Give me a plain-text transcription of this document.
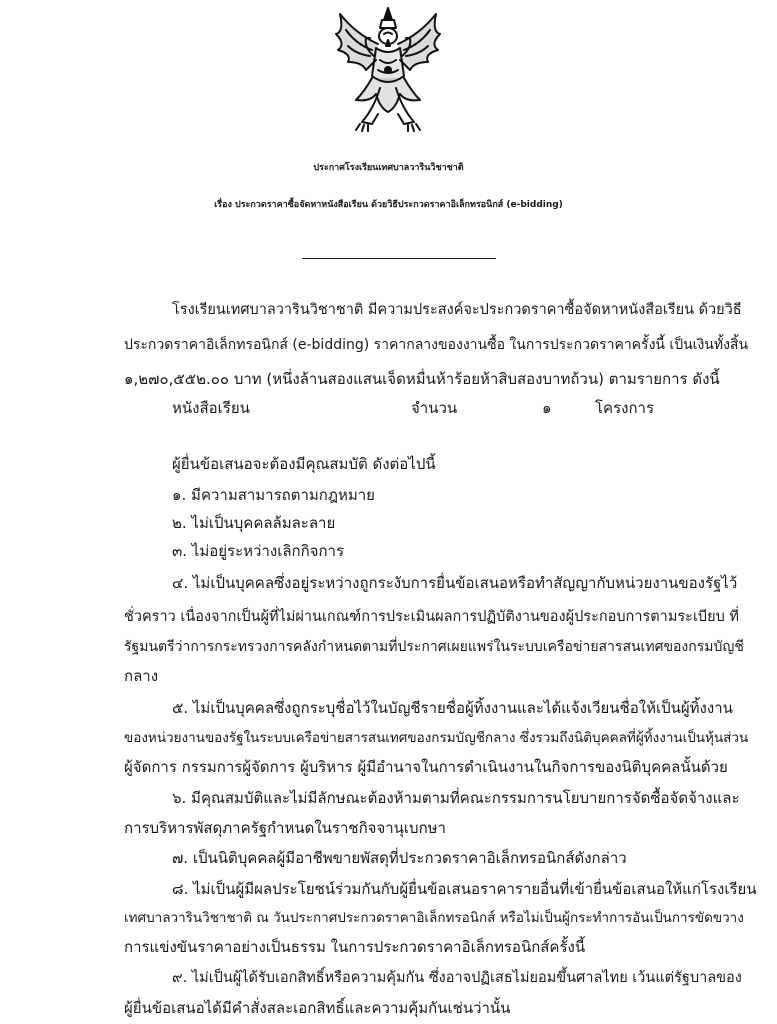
ประกาศโรงเรียนเทศบาลวารินวิชาชาติ
เรื่อง ประกวดราคาซื้อจัดหาหนังสือเรียน ด้วยวิธีประกวดราคาอิเล็กทรอนิกส์ (e-bidding)
โรงเรียนเทศบาลวารินวิชาชาติ มีความประสงค์จะประกวดราคาซื้อจัดหาหนังสือเรียน ด้วยวิธี
ประกวดราคาอิเล็กทรอนิกส์ (e-bidding) ราคากลางของงานซื้อ ในการประกวดราคาครั้งนี้ เป็นเงินทั้งสิ้น
๑,๒๗๐,๕๕๒.๐๐ บาท (หนึ่งล้านสองแสนเจ็ดหมื่นห้าร้อยห้าสิบสองบาทถ้วน) ตามรายการ ดังนี้
หนังสือเรียน	จำนวน	๑	โครงการ
ผู้ยื่นข้อเสนอจะต้องมีคุณสมบัติ ดังต่อไปนี้
๑. มีความสามารถตามกฎหมาย
๒. ไม่เป็นบุคคลล้มละลาย
๓. ไม่อยู่ระหว่างเลิกกิจการ
๔. ไม่เป็นบุคคลซึ่งอยู่ระหว่างถูกระงับการยื่นข้อเสนอหรือทำสัญญากับหน่วยงานของรัฐไว้
ชั่วคราว เนื่องจากเป็นผู้ที่ไม่ผ่านเกณฑ์การประเมินผลการปฏิบัติงานของผู้ประกอบการตามระเบียบ ที่
รัฐมนตรีว่าการกระทรวงการคลังกำหนดตามที่ประกาศเผยแพร่ในระบบเครือข่ายสารสนเทศของกรมบัญชี
กลาง
๕. ไม่เป็นบุคคลซึ่งถูกระบุชื่อไว้ในบัญชีรายชื่อผู้ทิ้งงานและได้แจ้งเวียนชื่อให้เป็นผู้ทิ้งงาน
ของหน่วยงานของรัฐในระบบเครือข่ายสารสนเทศของกรมบัญชีกลาง ซึ่งรวมถึงนิติบุคคลที่ผู้ทิ้งงานเป็นหุ้นส่วน
ผู้จัดการ กรรมการผู้จัดการ ผู้บริหาร ผู้มีอำนาจในการดำเนินงานในกิจการของนิติบุคคลนั้นด้วย
๖. มีคุณสมบัติและไม่มีลักษณะต้องห้ามตามที่คณะกรรมการนโยบายการจัดซื้อจัดจ้างและ
การบริหารพัสดุภาครัฐกำหนดในราชกิจจานุเบกษา
๗. เป็นนิติบุคคลผู้มีอาชีพขายพัสดุที่ประกวดราคาอิเล็กทรอนิกส์ดังกล่าว
๘. ไม่เป็นผู้มีผลประโยชน์ร่วมกันกับผู้ยื่นข้อเสนอราคารายอื่นที่เข้ายื่นข้อเสนอให้แก่โรงเรียน
เทศบาลวารินวิชาชาติ ณ วันประกาศประกวดราคาอิเล็กทรอนิกส์ หรือไม่เป็นผู้กระทำการอันเป็นการขัดขวาง
การแข่งขันราคาอย่างเป็นธรรม ในการประกวดราคาอิเล็กทรอนิกส์ครั้งนี้
๙. ไม่เป็นผู้ได้รับเอกสิทธิ์หรือความคุ้มกัน ซึ่งอาจปฏิเสธไม่ยอมขึ้นศาลไทย เว้นแต่รัฐบาลของ
ผู้ยื่นข้อเสนอได้มีคำสั่งสละเอกสิทธิ์และความคุ้มกันเช่นว่านั้น
